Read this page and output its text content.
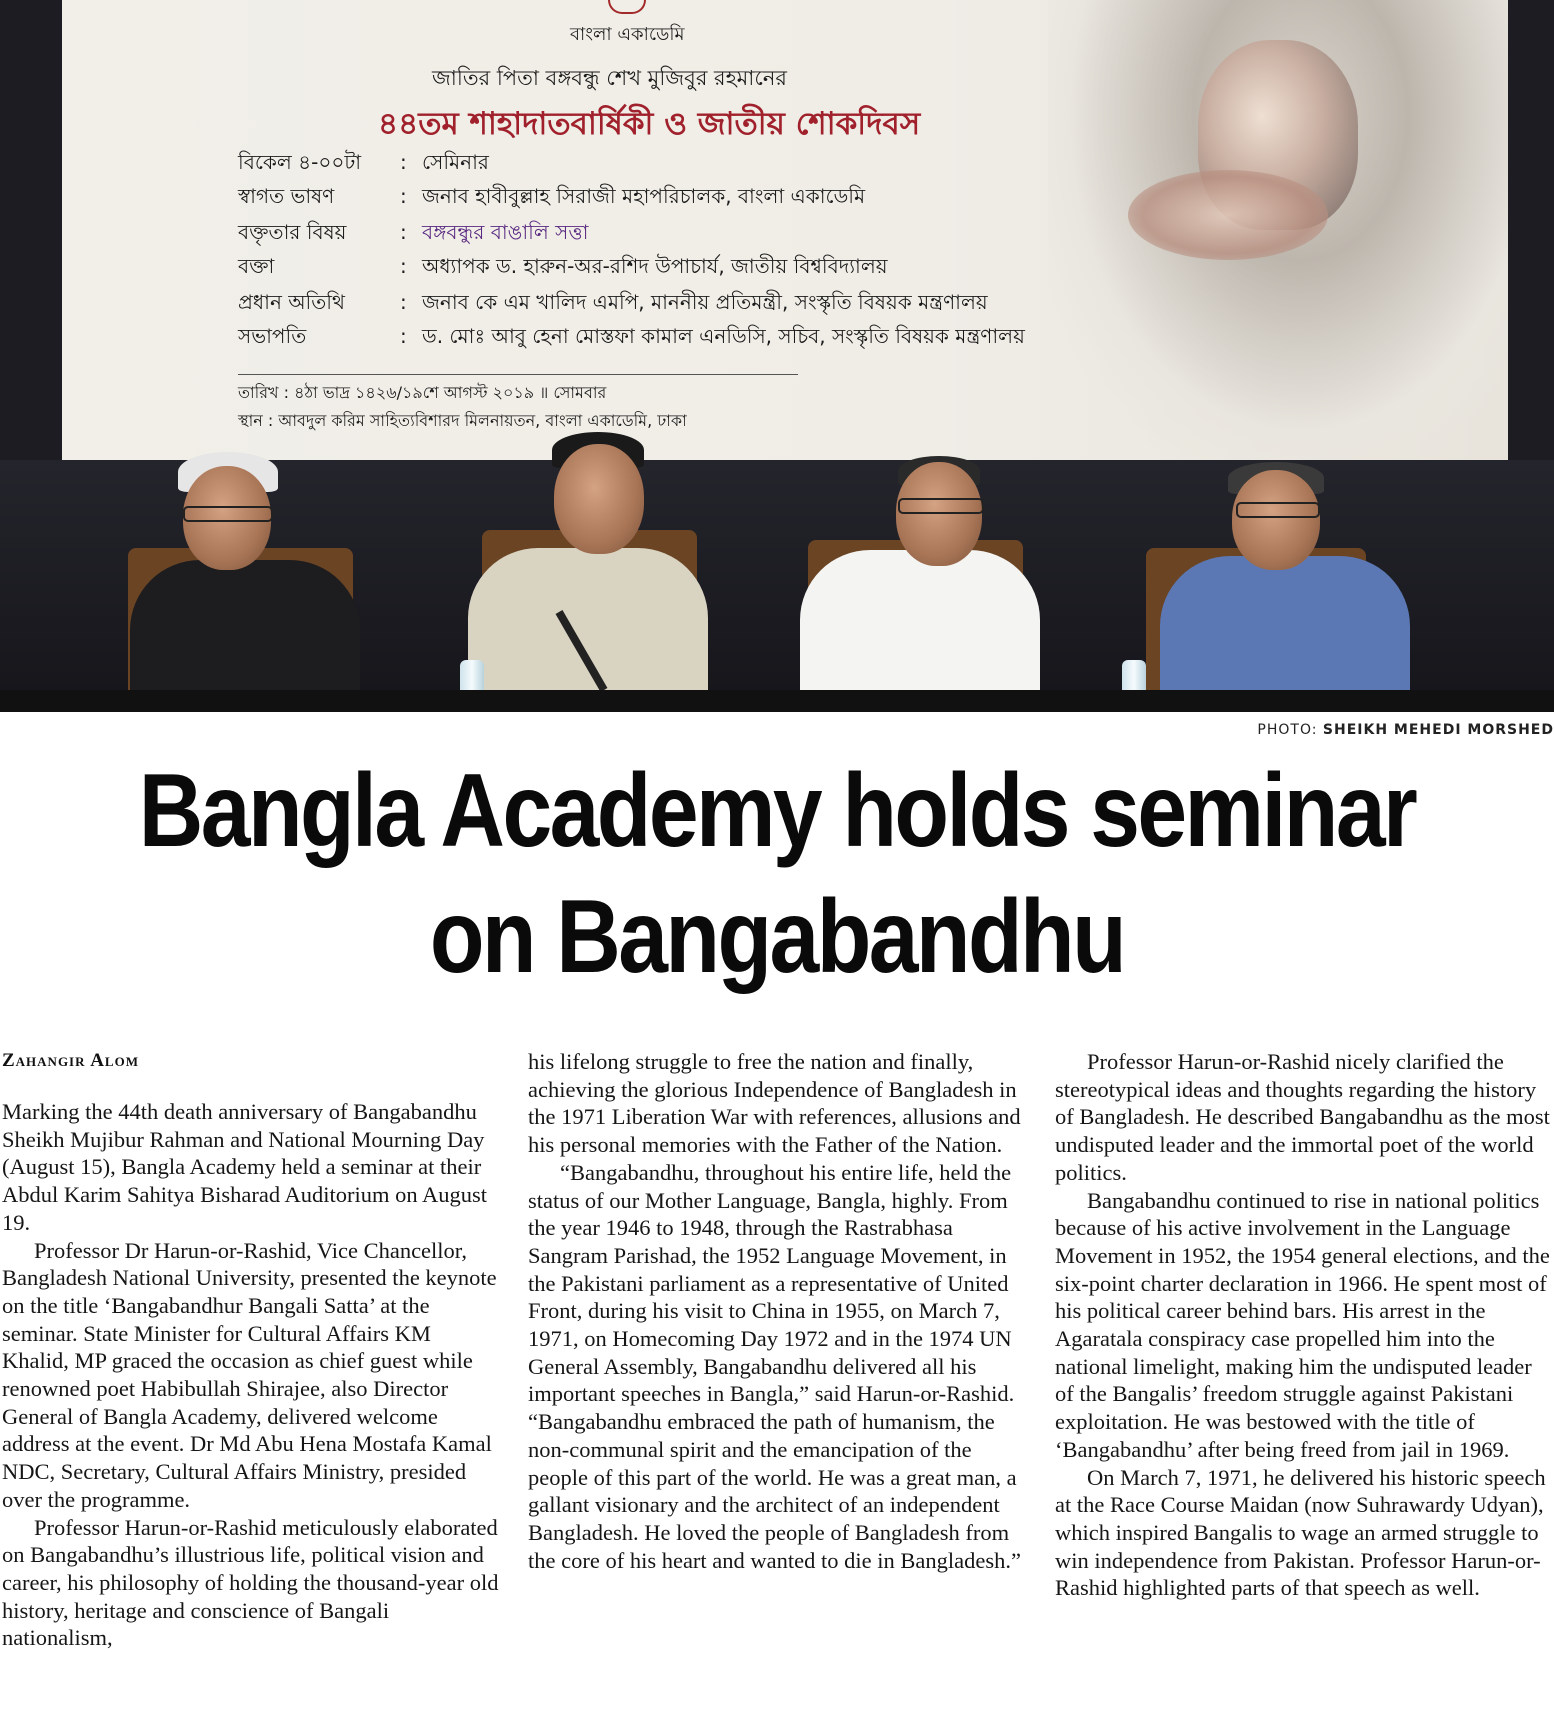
বাংলা একাডেমি
জাতির পিতা বঙ্গবন্ধু শেখ মুজিবুর রহমানের
৪৪তম শাহাদাতবার্ষিকী ও জাতীয় শোকদিবস
বিকেল ৪-০০টা : সেমিনার
স্বাগত ভাষণ	: জনাব হাবীবুল্লাহ সিরাজী মহাপরিচালক, বাংলা একাডেমি
বক্তৃতার বিষয়	: বঙ্গবন্ধুর বাঙালি সত্তা
বক্তা	: অধ্যাপক ড. হারুন-অর-রশিদ উপাচার্য, জাতীয় বিশ্ববিদ্যালয়
প্রধান অতিথি	: জনাব কে এম খালিদ এমপি, মাননীয় প্রতিমন্ত্রী, সংস্কৃতি বিষয়ক মন্ত্রণালয়
সভাপতি	: ড. মোঃ আবু হেনা মোস্তফা কামাল এনডিসি, সচিব, সংস্কৃতি বিষয়ক মন্ত্রণালয়
তারিখ : ৪ঠা ভাদ্র ১৪২৬/১৯শে আগস্ট ২০১৯ ॥ সোমবার
স্থান : আবদুল করিম সাহিত্যবিশারদ মিলনায়তন, বাংলা একাডেমি, ঢাকা
PHOTO: SHEIKH MEHEDI MORSHED
Bangla Academy holds seminar
on Bangabandhu
Zahangir Alom

Marking the 44th death anniversary of Bangabandhu Sheikh Mujibur Rahman and National Mourning Day (August 15), Bangla Academy held a seminar at their Abdul Karim Sahitya Bisharad Auditorium on August 19.

Professor Dr Harun-or-Rashid, Vice Chancellor, Bangladesh National University, presented the keynote on the title ‘Bangabandhur Bangali Satta’ at the seminar. State Minister for Cultural Affairs KM Khalid, MP graced the occasion as chief guest while renowned poet Habibullah Shirajee, also Director General of Bangla Academy, delivered welcome address at the event. Dr Md Abu Hena Mostafa Kamal NDC, Secretary, Cultural Affairs Ministry, presided over the programme.

Professor Harun-or-Rashid meticulously elaborated on Bangabandhu’s illustrious life, political vision and career, his philosophy of holding the thousand-year old history, heritage and conscience of Bangali nationalism,

his lifelong struggle to free the nation and finally, achieving the glorious Independence of Bangladesh in the 1971 Liberation War with references, allusions and his personal memories with the Father of the Nation.

“Bangabandhu, throughout his entire life, held the status of our Mother Language, Bangla, highly. From the year 1946 to 1948, through the Rastrabhasa Sangram Parishad, the 1952 Language Movement, in the Pakistani parliament as a representative of United Front, during his visit to China in 1955, on March 7, 1971, on Homecoming Day 1972 and in the 1974 UN General Assembly, Bangabandhu delivered all his important speeches in Bangla,” said Harun-or-Rashid. “Bangabandhu embraced the path of humanism, the non-communal spirit and the emancipation of the people of this part of the world. He was a great man, a gallant visionary and the architect of an independent Bangladesh. He loved the people of Bangladesh from the core of his heart and wanted to die in Bangladesh.”

Professor Harun-or-Rashid nicely clarified the stereotypical ideas and thoughts regarding the history of Bangladesh. He described Bangabandhu as the most undisputed leader and the immortal poet of the world politics.

Bangabandhu continued to rise in national politics because of his active involvement in the Language Movement in 1952, the 1954 general elections, and the six-point charter declaration in 1966. He spent most of his political career behind bars. His arrest in the Agaratala conspiracy case propelled him into the national limelight, making him the undisputed leader of the Bangalis’ freedom struggle against Pakistani exploitation. He was bestowed with the title of ‘Bangabandhu’ after being freed from jail in 1969.

On March 7, 1971, he delivered his historic speech at the Race Course Maidan (now Suhrawardy Udyan), which inspired Bangalis to wage an armed struggle to win independence from Pakistan. Professor Harun-or-Rashid highlighted parts of that speech as well.
